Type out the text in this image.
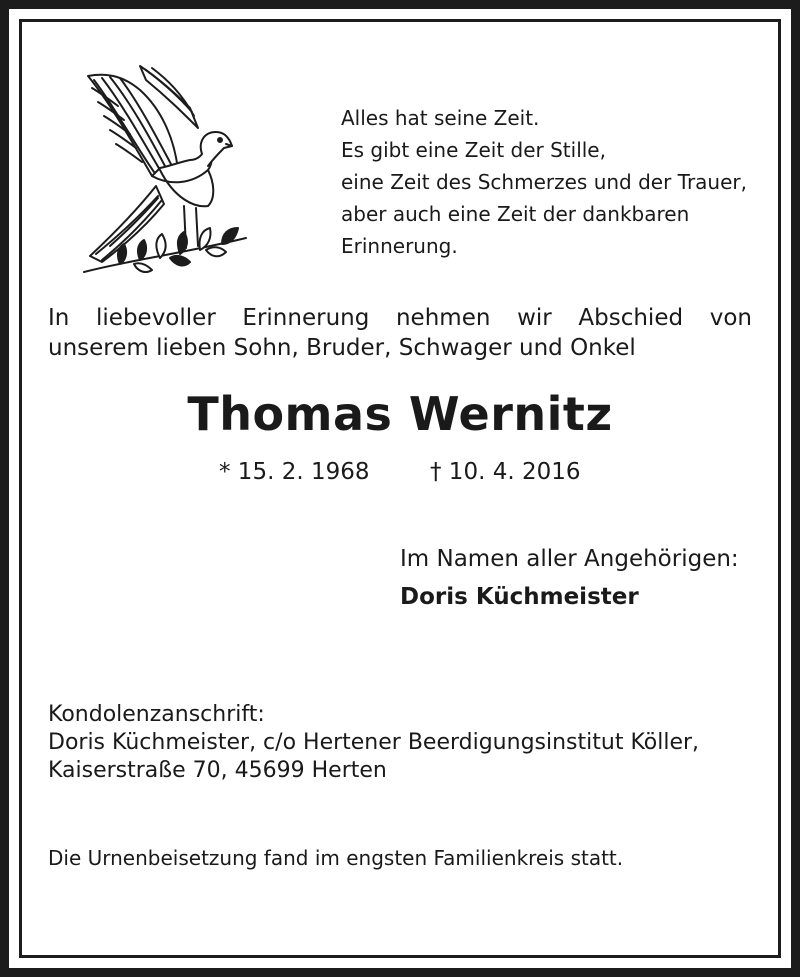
Alles hat seine Zeit.
Es gibt eine Zeit der Stille,
eine Zeit des Schmerzes und der Trauer,
aber auch eine Zeit der dankbaren
Erinnerung.
In liebevoller Erinnerung nehmen wir Abschied von
unserem lieben Sohn, Bruder, Schwager und Onkel
Thomas Wernitz
* 15. 2. 1968	† 10. 4. 2016
Im Namen aller Angehörigen:
Doris Küchmeister
Kondolenzanschrift:
Doris Küchmeister, c/o Hertener Beerdigungsinstitut Köller,
Kaiserstraße 70, 45699 Herten
Die Urnenbeisetzung fand im engsten Familienkreis statt.
